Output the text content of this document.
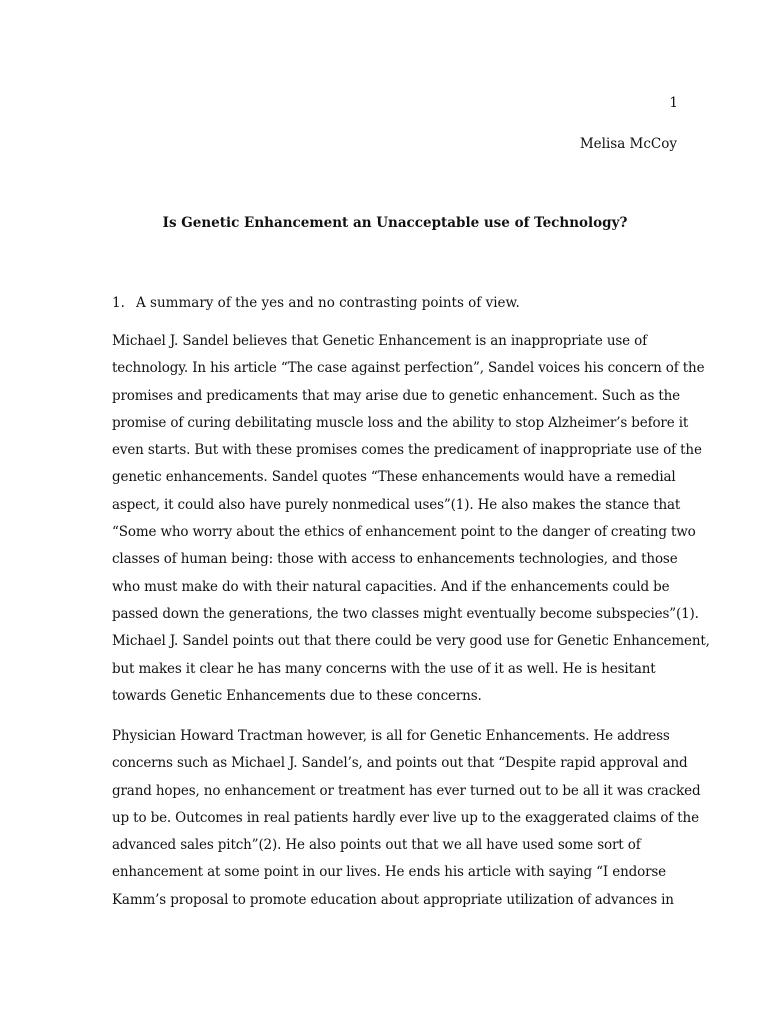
1

Melisa McCoy

Is Genetic Enhancement an Unacceptable use of Technology?

1. A summary of the yes and no contrasting points of view.

Michael J. Sandel believes that Genetic Enhancement is an inappropriate use of
technology. In his article “The case against perfection”, Sandel voices his concern of the
promises and predicaments that may arise due to genetic enhancement. Such as the
promise of curing debilitating muscle loss and the ability to stop Alzheimer’s before it
even starts. But with these promises comes the predicament of inappropriate use of the
genetic enhancements. Sandel quotes “These enhancements would have a remedial
aspect, it could also have purely nonmedical uses”(1). He also makes the stance that
“Some who worry about the ethics of enhancement point to the danger of creating two
classes of human being: those with access to enhancements technologies, and those
who must make do with their natural capacities. And if the enhancements could be
passed down the generations, the two classes might eventually become subspecies”(1).
Michael J. Sandel points out that there could be very good use for Genetic Enhancement,
but makes it clear he has many concerns with the use of it as well. He is hesitant
towards Genetic Enhancements due to these concerns.
Physician Howard Tractman however, is all for Genetic Enhancements. He address
concerns such as Michael J. Sandel’s, and points out that “Despite rapid approval and
grand hopes, no enhancement or treatment has ever turned out to be all it was cracked
up to be. Outcomes in real patients hardly ever live up to the exaggerated claims of the
advanced sales pitch”(2). He also points out that we all have used some sort of
enhancement at some point in our lives. He ends his article with saying “I endorse
Kamm’s proposal to promote education about appropriate utilization of advances in
